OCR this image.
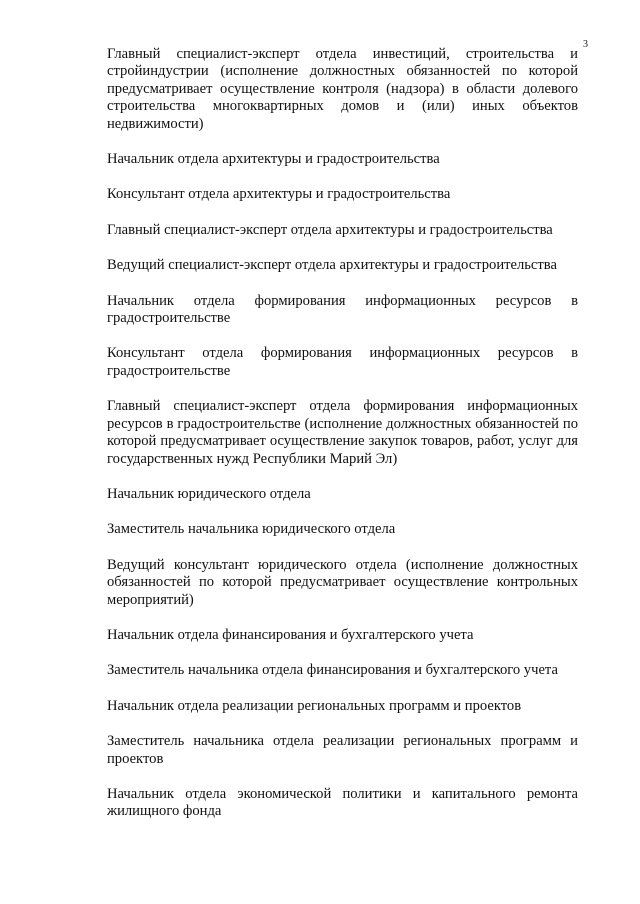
3

Главный специалист-эксперт отдела инвестиций, строительства и стройиндустрии (исполнение должностных обязанностей по которой предусматривает осуществление контроля (надзора) в области долевого строительства многоквартирных домов и (или) иных объектов недвижимости)

Начальник отдела архитектуры и градостроительства

Консультант отдела архитектуры и градостроительства

Главный специалист-эксперт отдела архитектуры и градостроительства

Ведущий специалист-эксперт отдела архитектуры и градостроительства

Начальник отдела формирования информационных ресурсов в градостроительстве

Консультант отдела формирования информационных ресурсов в градостроительстве

Главный специалист-эксперт отдела формирования информационных ресурсов в градостроительстве (исполнение должностных обязанностей по которой предусматривает осуществление закупок товаров, работ, услуг для государственных нужд Республики Марий Эл)

Начальник юридического отдела

Заместитель начальника юридического отдела

Ведущий консультант юридического отдела (исполнение должностных обязанностей по которой предусматривает осуществление контрольных мероприятий)

Начальник отдела финансирования и бухгалтерского учета

Заместитель начальника отдела финансирования и бухгалтерского учета

Начальник отдела реализации региональных программ и проектов

Заместитель начальника отдела реализации региональных программ и проектов

Начальник отдела экономической политики и капитального ремонта жилищного фонда
